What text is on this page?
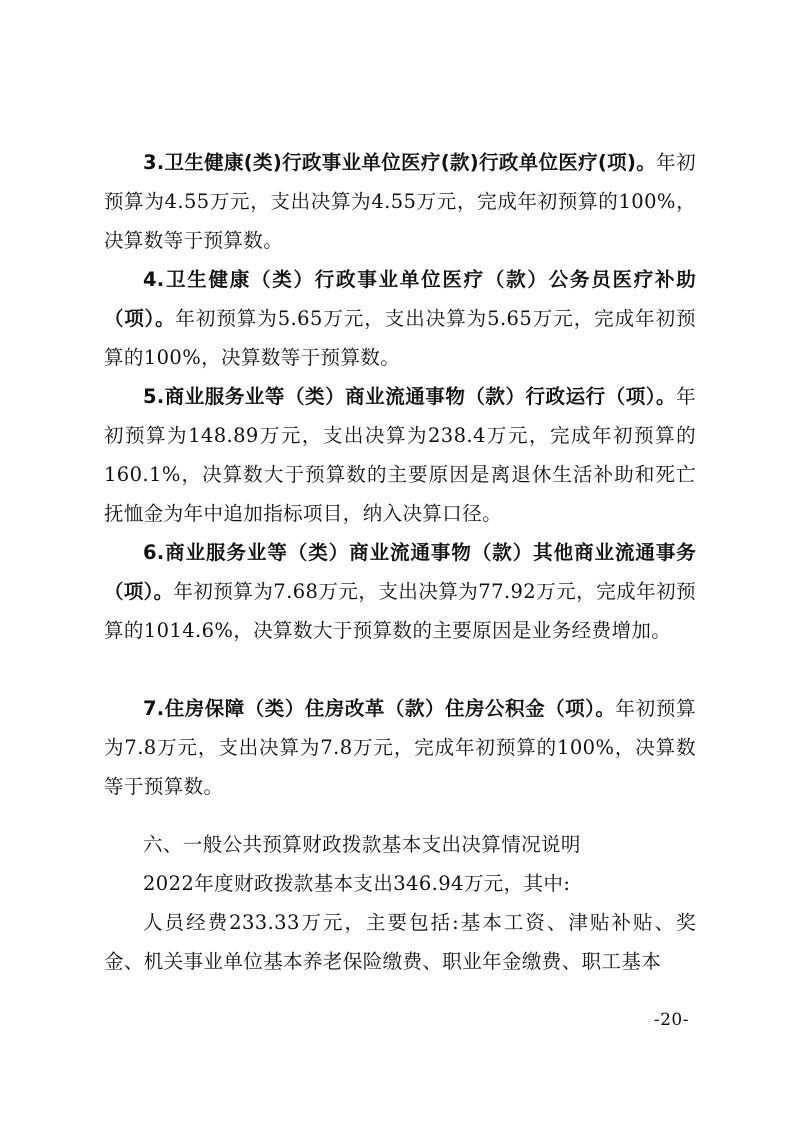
3.卫生健康(类)行政事业单位医疗(款)行政单位医疗(项)。年初预算为4.55万元，支出决算为4.55万元，完成年初预算的100%，决算数等于预算数。

4.卫生健康（类）行政事业单位医疗（款）公务员医疗补助（项）。年初预算为5.65万元，支出决算为5.65万元，完成年初预算的100%，决算数等于预算数。

5.商业服务业等（类）商业流通事物（款）行政运行（项）。年初预算为148.89万元，支出决算为238.4万元，完成年初预算的160.1%，决算数大于预算数的主要原因是离退休生活补助和死亡抚恤金为年中追加指标项目，纳入决算口径。

6.商业服务业等（类）商业流通事物（款）其他商业流通事务（项）。年初预算为7.68万元，支出决算为77.92万元，完成年初预算的1014.6%，决算数大于预算数的主要原因是业务经费增加。

7.住房保障（类）住房改革（款）住房公积金（项）。年初预算为7.8万元，支出决算为7.8万元，完成年初预算的100%，决算数等于预算数。

六、一般公共预算财政拨款基本支出决算情况说明

2022年度财政拨款基本支出346.94万元，其中:

人员经费233.33万元，主要包括:基本工资、津贴补贴、奖金、机关事业单位基本养老保险缴费、职业年金缴费、职工基本

-20-
